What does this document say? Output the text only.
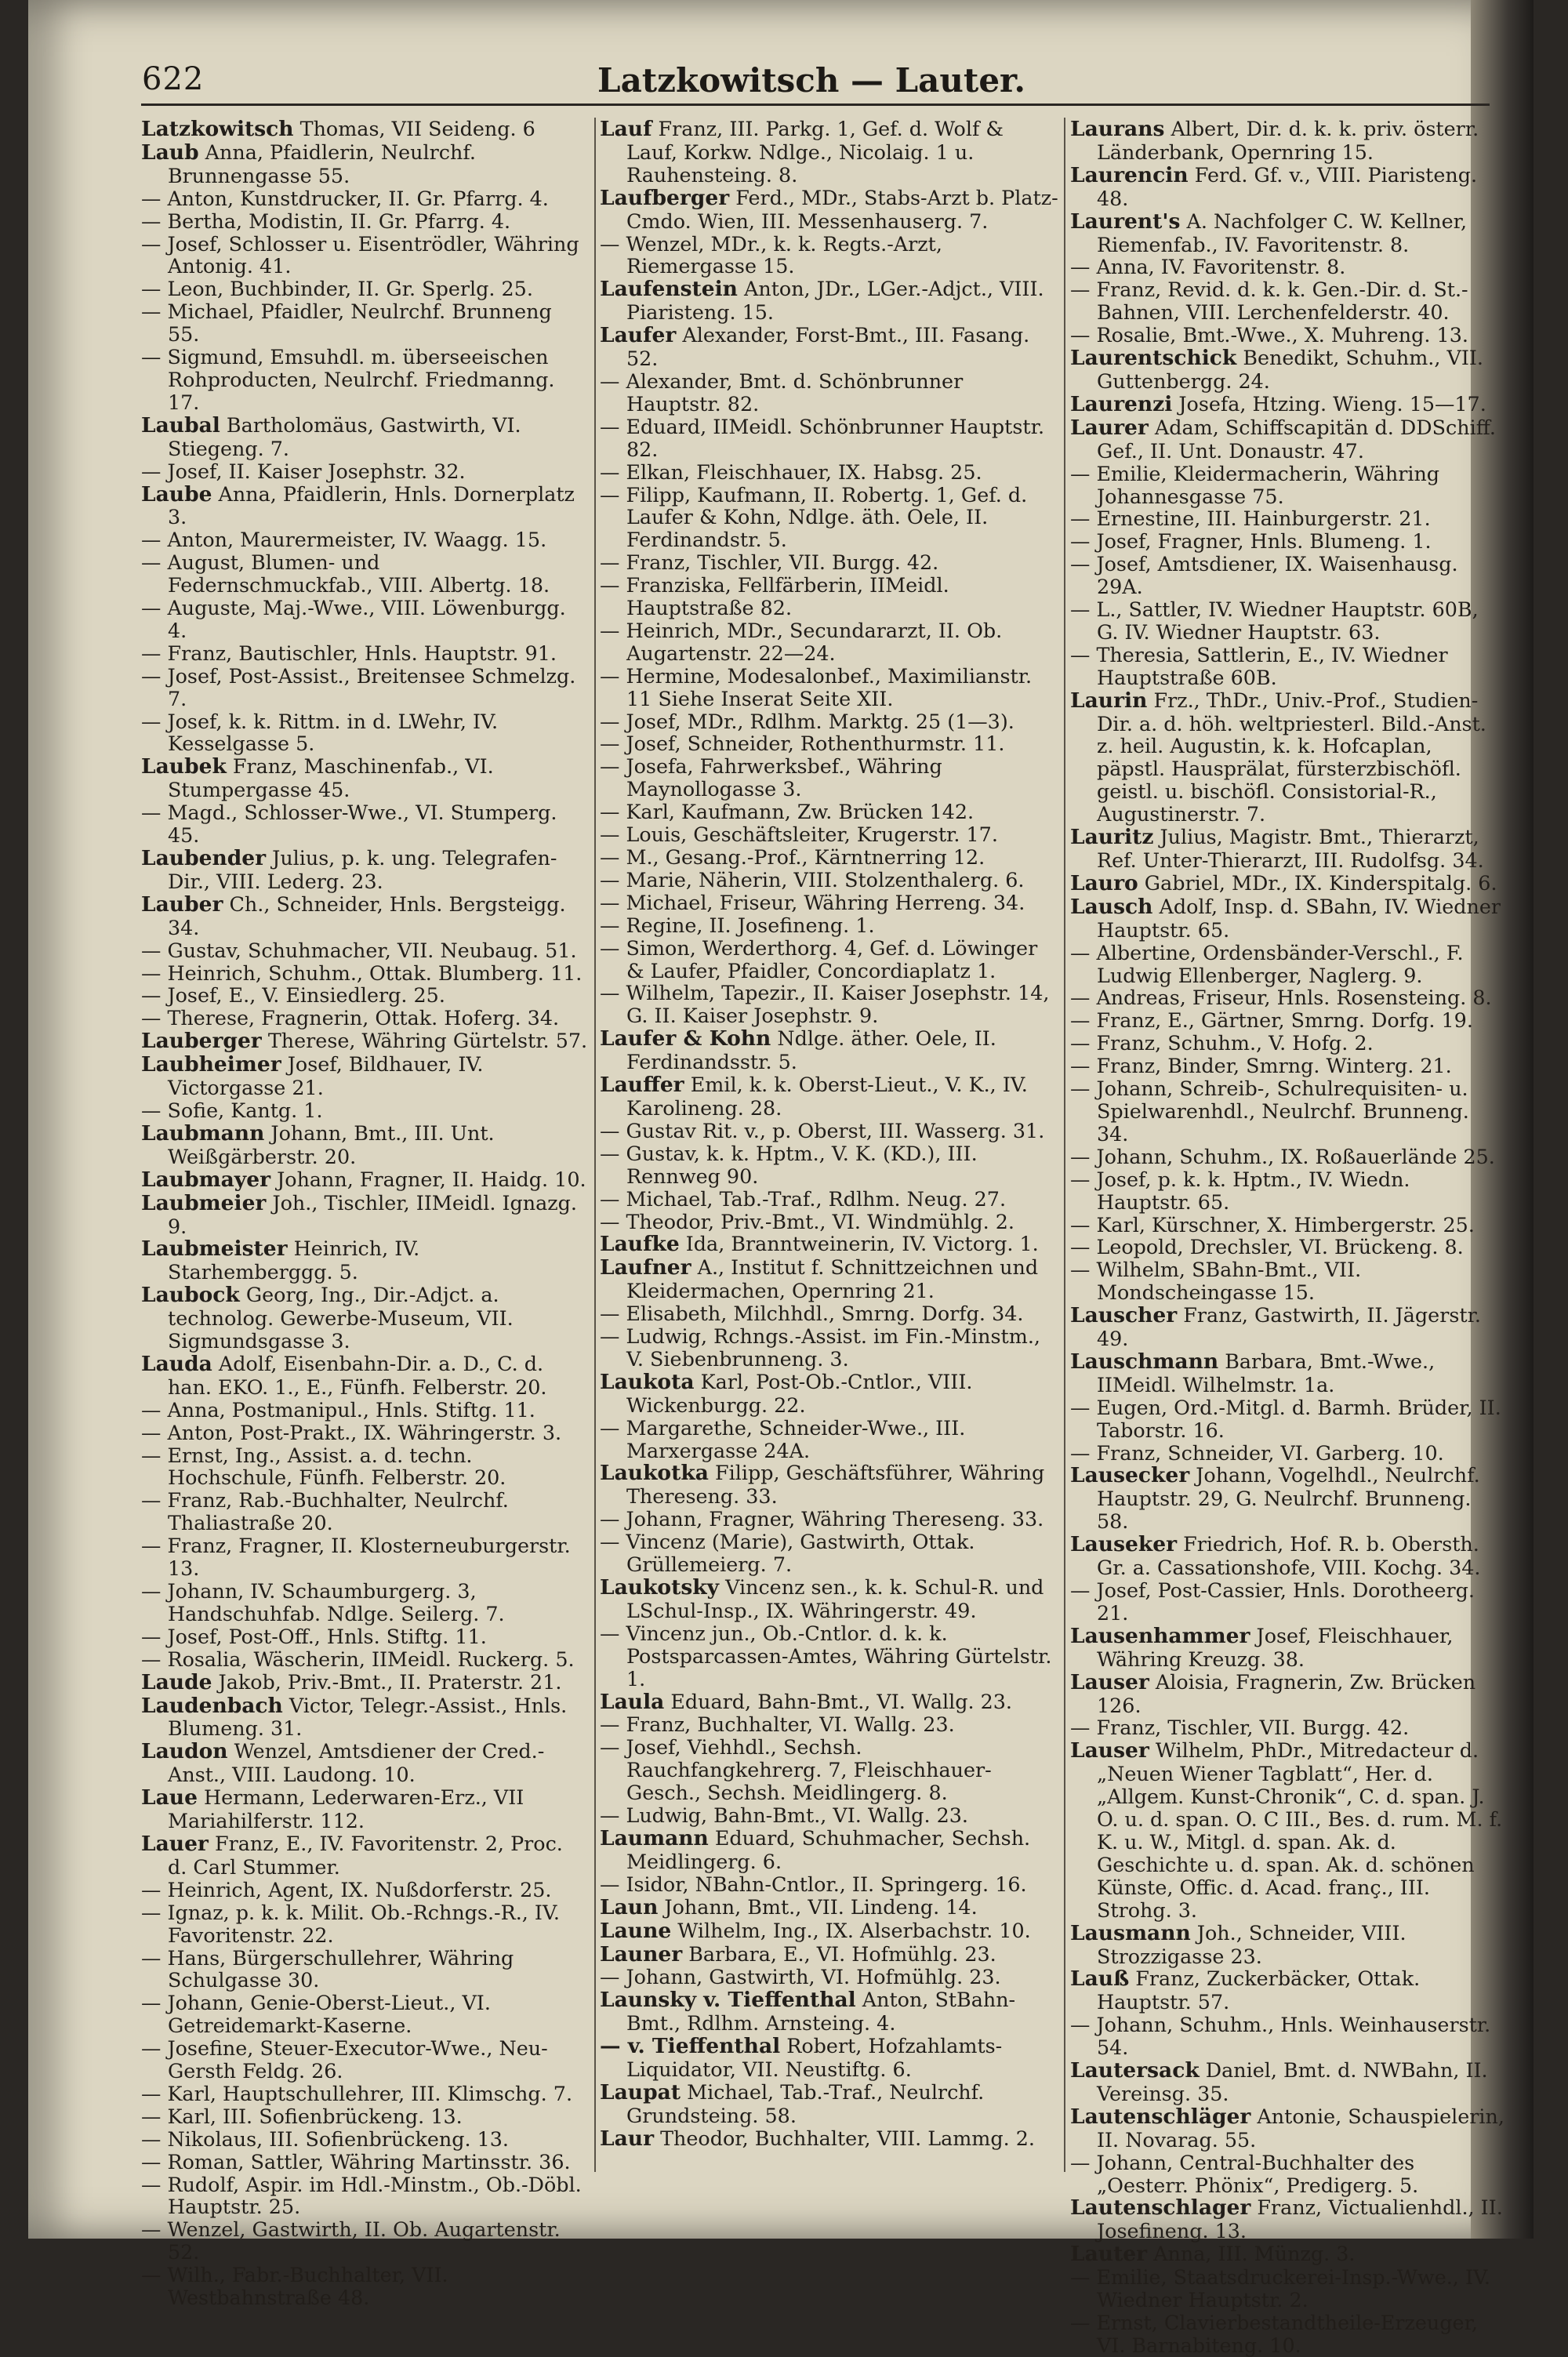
622	Latzkowitsch — Lauter.

Latzkowitsch Thomas, VII Seideng. 6

Laub Anna, Pfaidlerin, Neulrchf. Brunnengasse 55.

— Anton, Kunstdrucker, II. Gr. Pfarrg. 4.

— Bertha, Modistin, II. Gr. Pfarrg. 4.

— Josef, Schlosser u. Eisentrödler, Währing Antonig. 41.

— Leon, Buchbinder, II. Gr. Sperlg. 25.

— Michael, Pfaidler, Neulrchf. Brunneng 55.

— Sigmund, Emsuhdl. m. überseeischen Rohproducten, Neulrchf. Friedmanng. 17.

Laubal Bartholomäus, Gastwirth, VI. Stiegeng. 7.

— Josef, II. Kaiser Josephstr. 32.

Laube Anna, Pfaidlerin, Hnls. Dornerplatz 3.

— Anton, Maurermeister, IV. Waagg. 15.

— August, Blumen- und Federnschmuckfab., VIII. Albertg. 18.

— Auguste, Maj.-Wwe., VIII. Löwenburgg. 4.

— Franz, Bautischler, Hnls. Hauptstr. 91.

— Josef, Post-Assist., Breitensee Schmelzg. 7.

— Josef, k. k. Rittm. in d. LWehr, IV. Kesselgasse 5.

Laubek Franz, Maschinenfab., VI. Stumpergasse 45.

— Magd., Schlosser-Wwe., VI. Stumperg. 45.

Laubender Julius, p. k. ung. Telegrafen-Dir., VIII. Lederg. 23.

Lauber Ch., Schneider, Hnls. Bergsteigg. 34.

— Gustav, Schuhmacher, VII. Neubaug. 51.

— Heinrich, Schuhm., Ottak. Blumberg. 11.

— Josef, E., V. Einsiedlerg. 25.

— Therese, Fragnerin, Ottak. Hoferg. 34.

Lauberger Therese, Währing Gürtelstr. 57.

Laubheimer Josef, Bildhauer, IV. Victorgasse 21.

— Sofie, Kantg. 1.

Laubmann Johann, Bmt., III. Unt. Weißgärberstr. 20.

Laubmayer Johann, Fragner, II. Haidg. 10.

Laubmeier Joh., Tischler, IIMeidl. Ignazg. 9.

Laubmeister Heinrich, IV. Starhemberggg. 5.

Laubock Georg, Ing., Dir.-Adjct. a. technolog. Gewerbe-Museum, VII. Sigmundsgasse 3.

Lauda Adolf, Eisenbahn-Dir. a. D., C. d. han. EKO. 1., E., Fünfh. Felberstr. 20.

— Anna, Postmanipul., Hnls. Stiftg. 11.

— Anton, Post-Prakt., IX. Währingerstr. 3.

— Ernst, Ing., Assist. a. d. techn. Hochschule, Fünfh. Felberstr. 20.

— Franz, Rab.-Buchhalter, Neulrchf. Thaliastraße 20.

— Franz, Fragner, II. Klosterneuburgerstr. 13.

— Johann, IV. Schaumburgerg. 3, Handschuhfab. Ndlge. Seilerg. 7.

— Josef, Post-Off., Hnls. Stiftg. 11.

— Rosalia, Wäscherin, IIMeidl. Ruckerg. 5.

Laude Jakob, Priv.-Bmt., II. Praterstr. 21.

Laudenbach Victor, Telegr.-Assist., Hnls. Blumeng. 31.

Laudon Wenzel, Amtsdiener der Cred.-Anst., VIII. Laudong. 10.

Laue Hermann, Lederwaren-Erz., VII Mariahilferstr. 112.

Lauer Franz, E., IV. Favoritenstr. 2, Proc. d. Carl Stummer.

— Heinrich, Agent, IX. Nußdorferstr. 25.

— Ignaz, p. k. k. Milit. Ob.-Rchngs.-R., IV. Favoritenstr. 22.

— Hans, Bürgerschullehrer, Währing Schulgasse 30.

— Johann, Genie-Oberst-Lieut., VI. Getreidemarkt-Kaserne.

— Josefine, Steuer-Executor-Wwe., Neu-Gersth Feldg. 26.

— Karl, Hauptschullehrer, III. Klimschg. 7.

— Karl, III. Sofienbrückeng. 13.

— Nikolaus, III. Sofienbrückeng. 13.

— Roman, Sattler, Währing Martinsstr. 36.

— Rudolf, Aspir. im Hdl.-Minstm., Ob.-Döbl. Hauptstr. 25.

— Wenzel, Gastwirth, II. Ob. Augartenstr. 52.

— Wilh., Fabr.-Buchhalter, VII. Westbahnstraße 48.

Lauf Franz, III. Parkg. 1, Gef. d. Wolf & Lauf, Korkw. Ndlge., Nicolaig. 1 u. Rauhensteing. 8.

Laufberger Ferd., MDr., Stabs-Arzt b. Platz-Cmdo. Wien, III. Messenhauserg. 7.

— Wenzel, MDr., k. k. Regts.-Arzt, Riemergasse 15.

Laufenstein Anton, JDr., LGer.-Adjct., VIII. Piaristeng. 15.

Laufer Alexander, Forst-Bmt., III. Fasang. 52.

— Alexander, Bmt. d. Schönbrunner Hauptstr. 82.

— Eduard, IIMeidl. Schönbrunner Hauptstr. 82.

— Elkan, Fleischhauer, IX. Habsg. 25.

— Filipp, Kaufmann, II. Robertg. 1, Gef. d. Laufer & Kohn, Ndlge. äth. Oele, II. Ferdinandstr. 5.

— Franz, Tischler, VII. Burgg. 42.

— Franziska, Fellfärberin, IIMeidl. Hauptstraße 82.

— Heinrich, MDr., Secundararzt, II. Ob. Augartenstr. 22—24.

— Hermine, Modesalonbef., Maximilianstr. 11 Siehe Inserat Seite XII.

— Josef, MDr., Rdlhm. Marktg. 25 (1—3).

— Josef, Schneider, Rothenthurmstr. 11.

— Josefa, Fahrwerksbef., Währing Maynollogasse 3.

— Karl, Kaufmann, Zw. Brücken 142.

— Louis, Geschäftsleiter, Krugerstr. 17.

— M., Gesang.-Prof., Kärntnerring 12.

— Marie, Näherin, VIII. Stolzenthalerg. 6.

— Michael, Friseur, Währing Herreng. 34.

— Regine, II. Josefineng. 1.

— Simon, Werderthorg. 4, Gef. d. Löwinger & Laufer, Pfaidler, Concordiaplatz 1.

— Wilhelm, Tapezir., II. Kaiser Josephstr. 14, G. II. Kaiser Josephstr. 9.

Laufer & Kohn Ndlge. äther. Oele, II. Ferdinandsstr. 5.

Lauffer Emil, k. k. Oberst-Lieut., V. K., IV. Karolineng. 28.

— Gustav Rit. v., p. Oberst, III. Wasserg. 31.

— Gustav, k. k. Hptm., V. K. (KD.), III. Rennweg 90.

— Michael, Tab.-Traf., Rdlhm. Neug. 27.

— Theodor, Priv.-Bmt., VI. Windmühlg. 2.

Laufke Ida, Branntweinerin, IV. Victorg. 1.

Laufner A., Institut f. Schnittzeichnen und Kleidermachen, Opernring 21.

— Elisabeth, Milchhdl., Smrng. Dorfg. 34.

— Ludwig, Rchngs.-Assist. im Fin.-Minstm., V. Siebenbrunneng. 3.

Laukota Karl, Post-Ob.-Cntlor., VIII. Wickenburgg. 22.

— Margarethe, Schneider-Wwe., III. Marxergasse 24A.

Laukotka Filipp, Geschäftsführer, Währing Thereseng. 33.

— Johann, Fragner, Währing Thereseng. 33.

— Vincenz (Marie), Gastwirth, Ottak. Grüllemeierg. 7.

Laukotsky Vincenz sen., k. k. Schul-R. und LSchul-Insp., IX. Währingerstr. 49.

— Vincenz jun., Ob.-Cntlor. d. k. k. Postsparcassen-Amtes, Währing Gürtelstr. 1.

Laula Eduard, Bahn-Bmt., VI. Wallg. 23.

— Franz, Buchhalter, VI. Wallg. 23.

— Josef, Viehhdl., Sechsh. Rauchfangkehrerg. 7, Fleischhauer-Gesch., Sechsh. Meidlingerg. 8.

— Ludwig, Bahn-Bmt., VI. Wallg. 23.

Laumann Eduard, Schuhmacher, Sechsh. Meidlingerg. 6.

— Isidor, NBahn-Cntlor., II. Springerg. 16.

Laun Johann, Bmt., VII. Lindeng. 14.

Laune Wilhelm, Ing., IX. Alserbachstr. 10.

Launer Barbara, E., VI. Hofmühlg. 23.

— Johann, Gastwirth, VI. Hofmühlg. 23.

Launsky v. Tieffenthal Anton, StBahn-Bmt., Rdlhm. Arnsteing. 4.

— v. Tieffenthal Robert, Hofzahlamts-Liquidator, VII. Neustiftg. 6.

Laupat Michael, Tab.-Traf., Neulrchf. Grundsteing. 58.

Laur Theodor, Buchhalter, VIII. Lammg. 2.

Laurans Albert, Dir. d. k. k. priv. österr. Länderbank, Opernring 15.

Laurencin Ferd. Gf. v., VIII. Piaristeng. 48.

Laurent's A. Nachfolger C. W. Kellner, Riemenfab., IV. Favoritenstr. 8.

— Anna, IV. Favoritenstr. 8.

— Franz, Revid. d. k. k. Gen.-Dir. d. St.-Bahnen, VIII. Lerchenfelderstr. 40.

— Rosalie, Bmt.-Wwe., X. Muhreng. 13.

Laurentschick Benedikt, Schuhm., VII. Guttenbergg. 24.

Laurenzi Josefa, Htzing. Wieng. 15—17.

Laurer Adam, Schiffscapitän d. DDSchiff. Gef., II. Unt. Donaustr. 47.

— Emilie, Kleidermacherin, Währing Johannesgasse 75.

— Ernestine, III. Hainburgerstr. 21.

— Josef, Fragner, Hnls. Blumeng. 1.

— Josef, Amtsdiener, IX. Waisenhausg. 29A.

— L., Sattler, IV. Wiedner Hauptstr. 60B, G. IV. Wiedner Hauptstr. 63.

— Theresia, Sattlerin, E., IV. Wiedner Hauptstraße 60B.

Laurin Frz., ThDr., Univ.-Prof., Studien-Dir. a. d. höh. weltpriesterl. Bild.-Anst. z. heil. Augustin, k. k. Hofcaplan, päpstl. Hausprälat, fürsterzbischöfl. geistl. u. bischöfl. Consistorial-R., Augustinerstr. 7.

Lauritz Julius, Magistr. Bmt., Thierarzt, Ref. Unter-Thierarzt, III. Rudolfsg. 34.

Lauro Gabriel, MDr., IX. Kinderspitalg. 6.

Lausch Adolf, Insp. d. SBahn, IV. Wiedner Hauptstr. 65.

— Albertine, Ordensbänder-Verschl., F. Ludwig Ellenberger, Naglerg. 9.

— Andreas, Friseur, Hnls. Rosensteing. 8.

— Franz, E., Gärtner, Smrng. Dorfg. 19.

— Franz, Schuhm., V. Hofg. 2.

— Franz, Binder, Smrng. Winterg. 21.

— Johann, Schreib-, Schulrequisiten- u. Spielwarenhdl., Neulrchf. Brunneng. 34.

— Johann, Schuhm., IX. Roßauerlände 25.

— Josef, p. k. k. Hptm., IV. Wiedn. Hauptstr. 65.

— Karl, Kürschner, X. Himbergerstr. 25.

— Leopold, Drechsler, VI. Brückeng. 8.

— Wilhelm, SBahn-Bmt., VII. Mondscheingasse 15.

Lauscher Franz, Gastwirth, II. Jägerstr. 49.

Lauschmann Barbara, Bmt.-Wwe., IIMeidl. Wilhelmstr. 1a.

— Eugen, Ord.-Mitgl. d. Barmh. Brüder, II. Taborstr. 16.

— Franz, Schneider, VI. Garberg. 10.

Lausecker Johann, Vogelhdl., Neulrchf. Hauptstr. 29, G. Neulrchf. Brunneng. 58.

Lauseker Friedrich, Hof. R. b. Obersth. Gr. a. Cassationshofe, VIII. Kochg. 34.

— Josef, Post-Cassier, Hnls. Dorotheerg. 21.

Lausenhammer Josef, Fleischhauer, Währing Kreuzg. 38.

Lauser Aloisia, Fragnerin, Zw. Brücken 126.

— Franz, Tischler, VII. Burgg. 42.

Lauser Wilhelm, PhDr., Mitredacteur d. „Neuen Wiener Tagblatt“, Her. d. „Allgem. Kunst-Chronik“, C. d. span. J. O. u. d. span. O. C III., Bes. d. rum. M. f. K. u. W., Mitgl. d. span. Ak. d. Geschichte u. d. span. Ak. d. schönen Künste, Offic. d. Acad. franç., III. Strohg. 3.

Lausmann Joh., Schneider, VIII. Strozzigasse 23.

Lauß Franz, Zuckerbäcker, Ottak. Hauptstr. 57.

— Johann, Schuhm., Hnls. Weinhauserstr. 54.

Lautersack Daniel, Bmt. d. NWBahn, II. Vereinsg. 35.

Lautenschläger Antonie, Schauspielerin, II. Novarag. 55.

— Johann, Central-Buchhalter des „Oesterr. Phönix“, Predigerg. 5.

Lautenschlager Franz, Victualienhdl., II. Josefineng. 13.

Lauter Anna, III. Münzg. 3.

— Emilie, Staatsdruckerei-Insp.-Wwe., IV. Wiedner Hauptstr. 2.

— Ernst, Clavierbestandtheile-Erzeuger, VI. Barnabiteng. 10.
